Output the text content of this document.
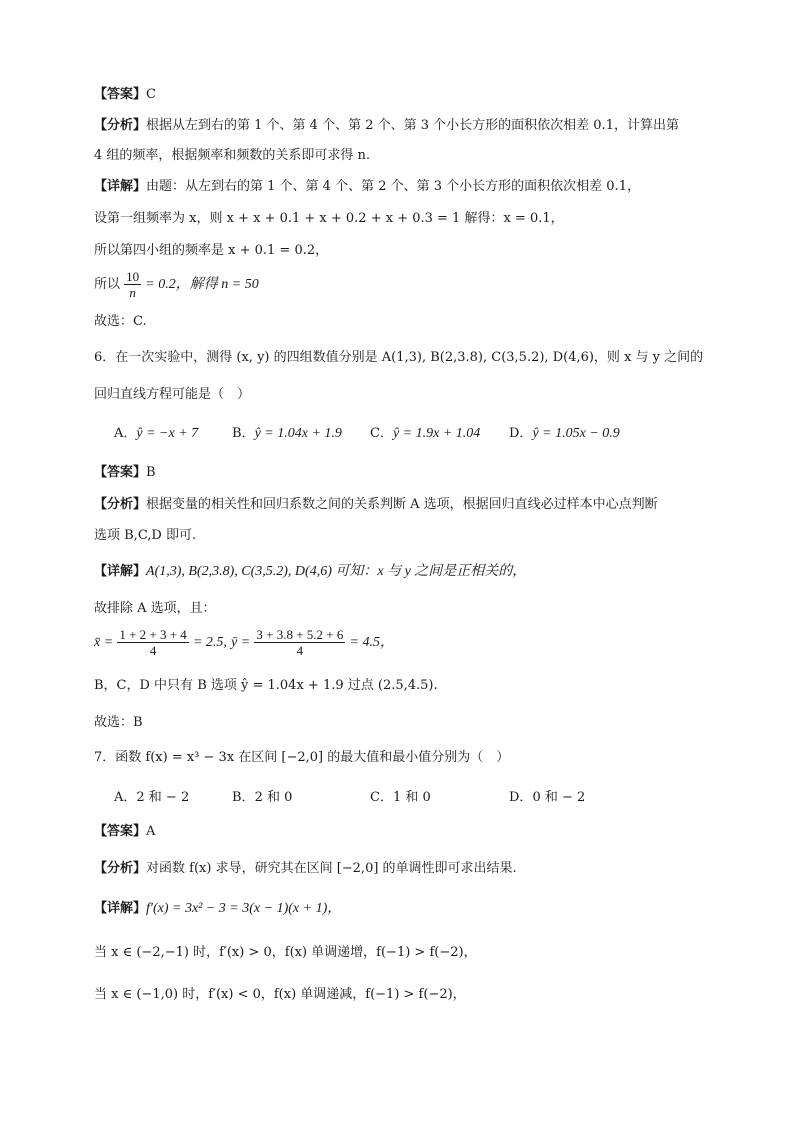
【答案】C
【分析】根据从左到右的第 1 个、第 4 个、第 2 个、第 3 个小长方形的面积依次相差 0.1，计算出第
4 组的频率，根据频率和频数的关系即可求得 n.
【详解】由题：从左到右的第 1 个、第 4 个、第 2 个、第 3 个小长方形的面积依次相差 0.1，
设第一组频率为 x，则 x + x + 0.1 + x + 0.2 + x + 0.3 = 1 解得：x = 0.1，
所以第四小组的频率是 x + 0.1 = 0.2，
所以 $\frac{10}{n} = 0.2$，解得 n = 50
故选：C.
6．在一次实验中，测得 (x, y) 的四组数值分别是 A(1,3), B(2,3.8), C(3,5.2), D(4,6)，则 x 与 y 之间的
回归直线方程可能是（　）
A．ŷ = −x + 7	B．ŷ = 1.04x + 1.9 C．ŷ = 1.9x + 1.04 D．ŷ = 1.05x − 0.9
【答案】B
【分析】根据变量的相关性和回归系数之间的关系判断 A 选项，根据回归直线必过样本中心点判断
选项 B,C,D 即可.
【详解】A(1,3), B(2,3.8), C(3,5.2), D(4,6) 可知：x 与 y 之间是正相关的，
故排除 A 选项，且：
x̄ = $\frac{1 + 2 + 3 + 4}{4} = 2.5$, ȳ = $\frac{3 + 3.8 + 5.2 + 6}{4} = 4.5$，
B，C，D 中只有 B 选项 ŷ = 1.04x + 1.9 过点 (2.5,4.5).
故选：B
7．函数 f(x) = x³ − 3x 在区间 [−2,0] 的最大值和最小值分别为（　）
A．2 和 − 2	B．2 和 0	C．1 和 0	D．0 和 − 2
【答案】A
【分析】对函数 f(x) 求导，研究其在区间 [−2,0] 的单调性即可求出结果.
【详解】f′(x) = 3x² − 3 = 3(x − 1)(x + 1)，
当 x ∈ (−2,−1) 时，f′(x) > 0，f(x) 单调递增，f(−1) > f(−2)，
当 x ∈ (−1,0) 时，f′(x) < 0，f(x) 单调递减，f(−1) > f(−2)，
